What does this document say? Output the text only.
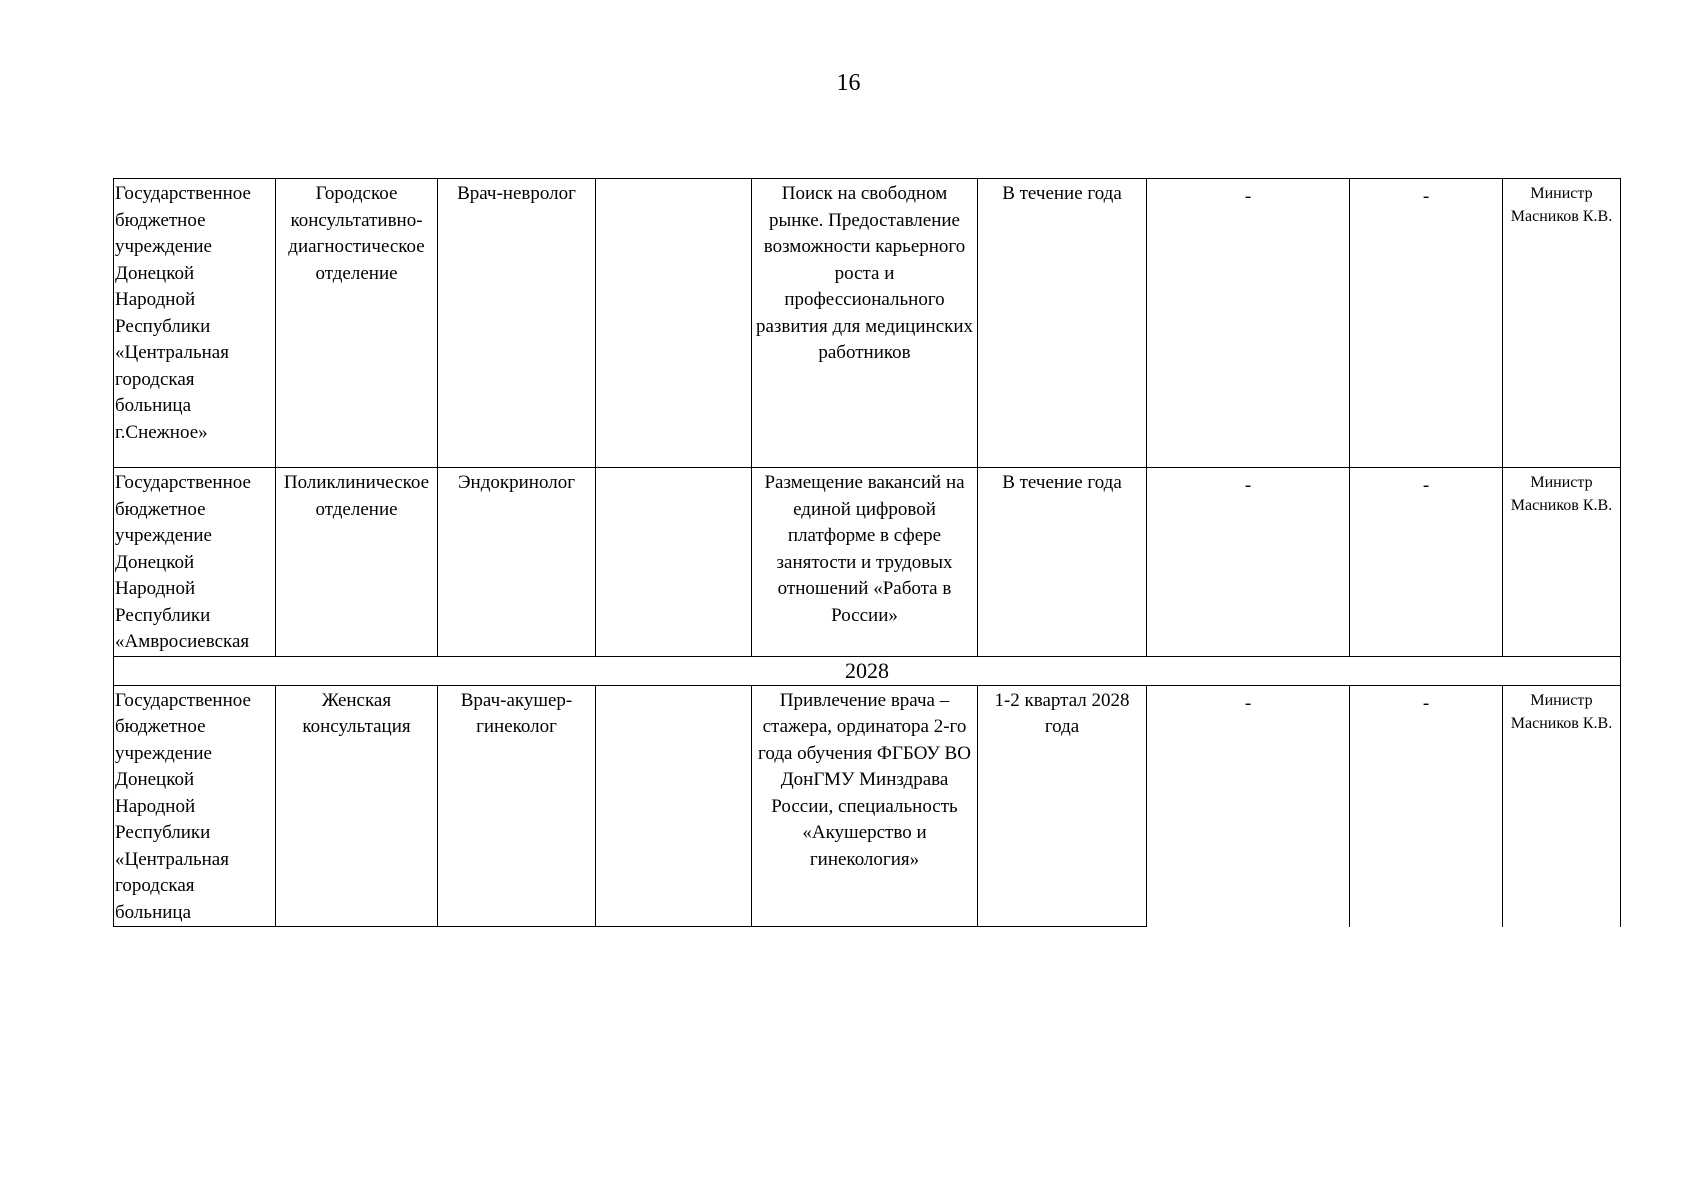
16
Государственное бюджетное учреждение Донецкой Народной Республики «Центральная городская больница г.Снежное»	Городское консультативно-диагностическое отделение	Врач-невролог		Поиск на свободном рынке. Предоставление возможности карьерного роста и профессионального развития для медицинских работников	В течение года	-	-	Министр Масников К.В.
Государственное бюджетное учреждение Донецкой Народной Республики «Амвросиевская	Поликлиническое отделение	Эндокринолог		Размещение вакансий на единой цифровой платформе в сфере занятости и трудовых отношений «Работа в России»	В течение года	-	-	Министр Масников К.В.
2028								
Государственное бюджетное учреждение Донецкой Народной Республики «Центральная городская больница	Женская консультация	Врач-акушер-гинеколог		Привлечение врача – стажера, ординатора 2-го года обучения ФГБОУ ВО ДонГМУ Минздрава России, специальность «Акушерство и гинекология»	1-2 квартал 2028 года	-	-	Министр Масников К.В.
